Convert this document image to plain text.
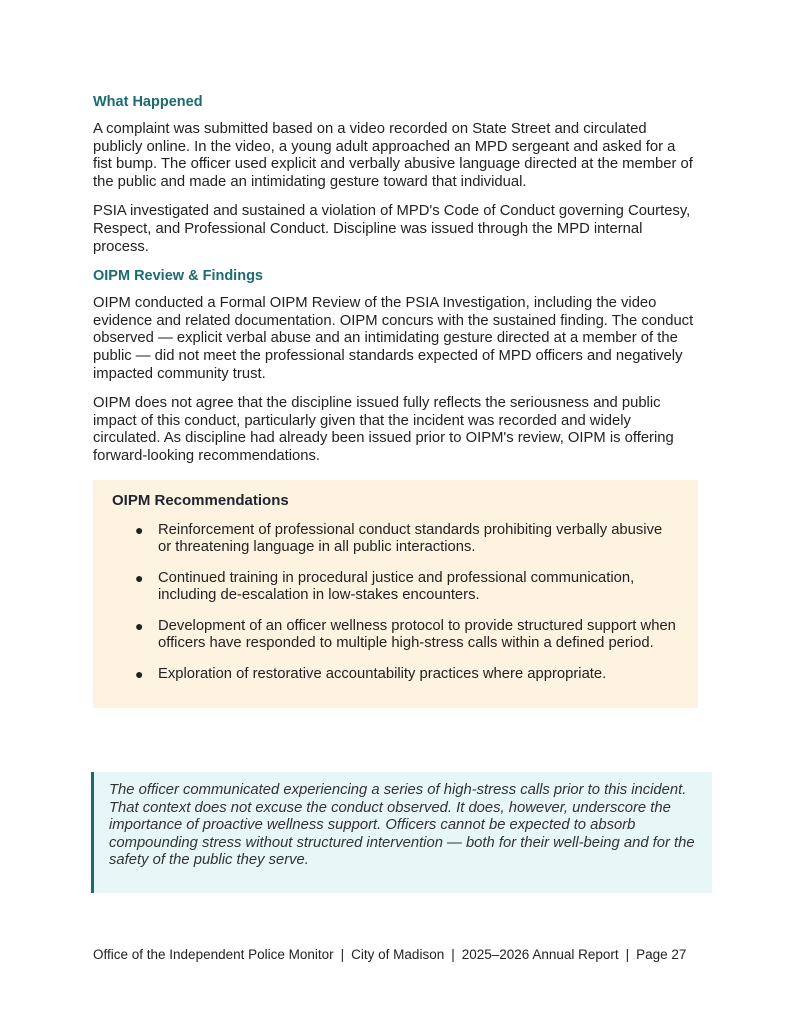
What Happened

A complaint was submitted based on a video recorded on State Street and circulated publicly online. In the video, a young adult approached an MPD sergeant and asked for a fist bump. The officer used explicit and verbally abusive language directed at the member of the public and made an intimidating gesture toward that individual.

PSIA investigated and sustained a violation of MPD's Code of Conduct governing Courtesy, Respect, and Professional Conduct. Discipline was issued through the MPD internal process.

OIPM Review & Findings

OIPM conducted a Formal OIPM Review of the PSIA Investigation, including the video evidence and related documentation. OIPM concurs with the sustained finding. The conduct observed — explicit verbal abuse and an intimidating gesture directed at a member of the public — did not meet the professional standards expected of MPD officers and negatively impacted community trust.

OIPM does not agree that the discipline issued fully reflects the seriousness and public impact of this conduct, particularly given that the incident was recorded and widely circulated. As discipline had already been issued prior to OIPM's review, OIPM is offering forward-looking recommendations.

OIPM Recommendations
● Reinforcement of professional conduct standards prohibiting verbally abusive or threatening language in all public interactions.
● Continued training in procedural justice and professional communication, including de-escalation in low-stakes encounters.
● Development of an officer wellness protocol to provide structured support when officers have responded to multiple high-stress calls within a defined period.
● Exploration of restorative accountability practices where appropriate.
The officer communicated experiencing a series of high-stress calls prior to this incident. That context does not excuse the conduct observed. It does, however, underscore the importance of proactive wellness support. Officers cannot be expected to absorb compounding stress without structured intervention — both for their well-being and for the safety of the public they serve.
Office of the Independent Police Monitor | City of Madison | 2025–2026 Annual Report | Page 27
